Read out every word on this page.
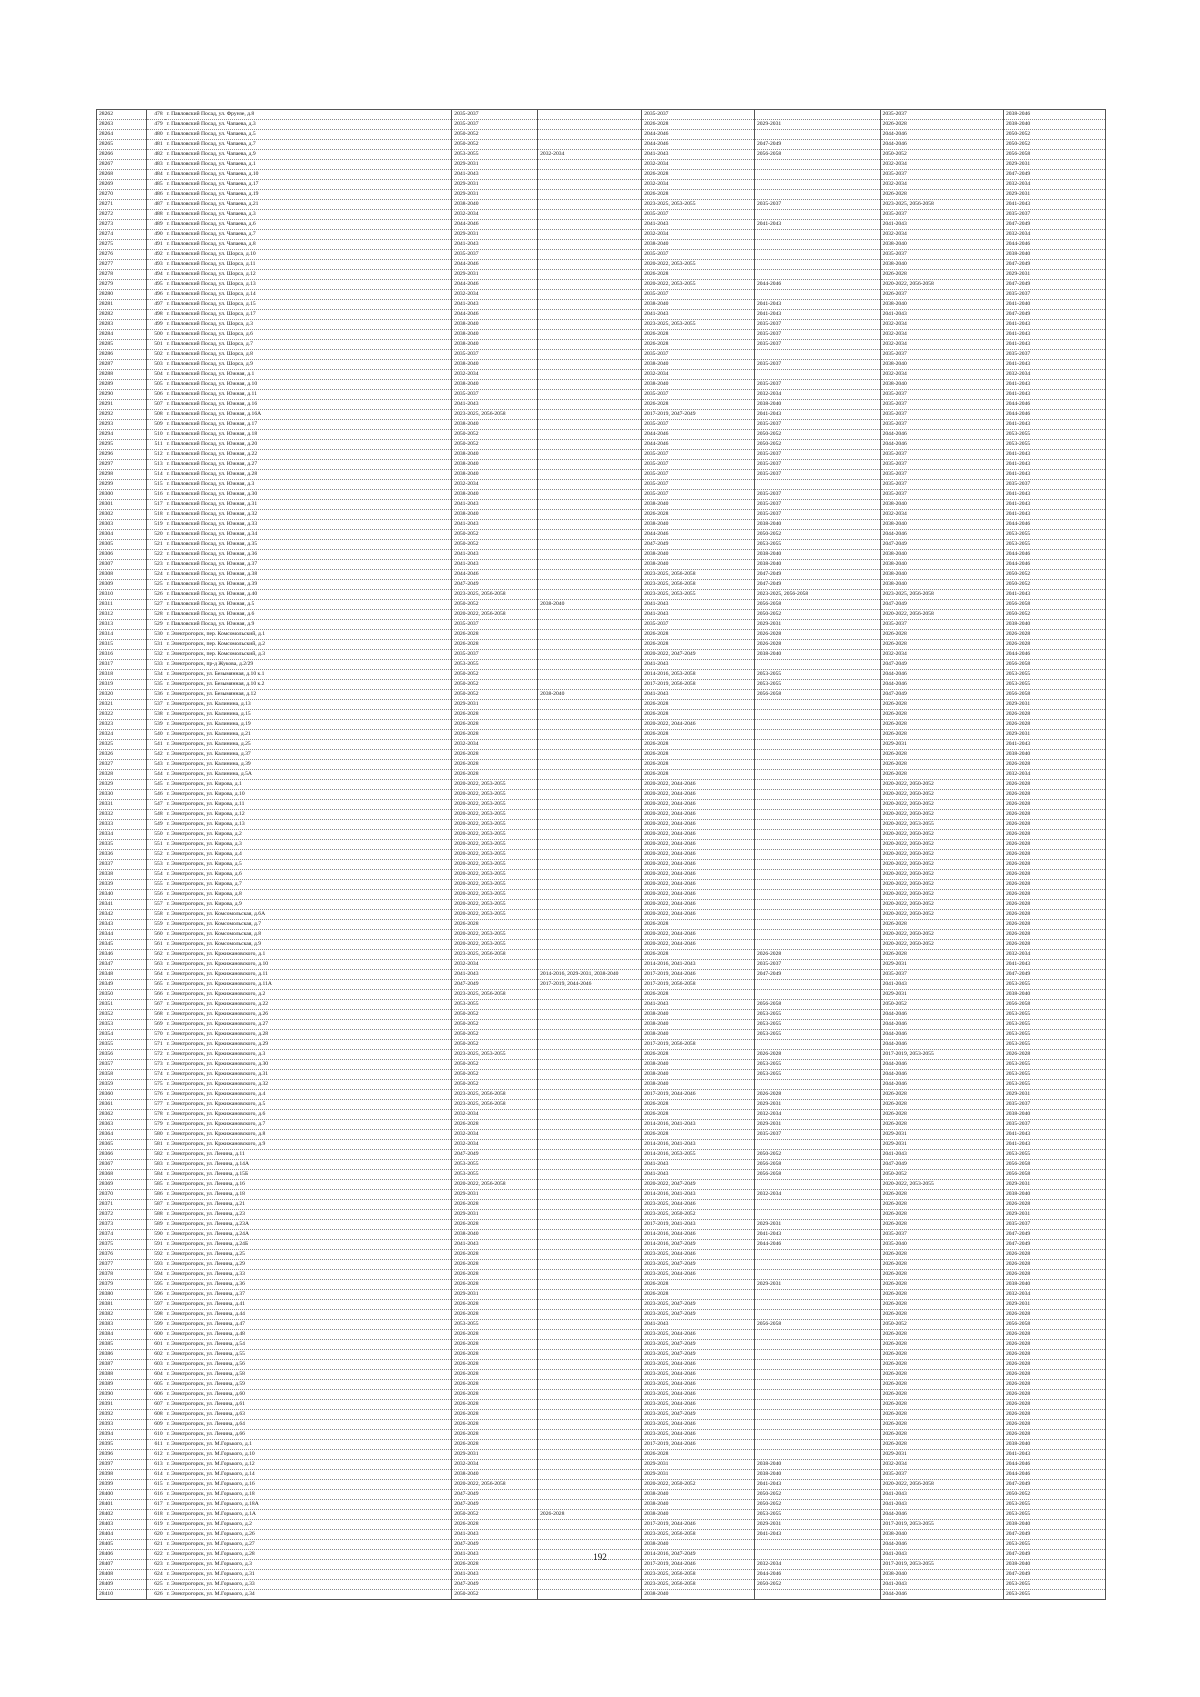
28262	478	г. Павловский Посад, ул. Фрунзе, д.8	2035-2037		2035-2037		2035-2037	2038-2046
28263	479	г. Павловский Посад, ул. Чапаева, д.3	2035-2037		2026-2028	2029-2031	2026-2028	2038-2040
28264	480	г. Павловский Посад, ул. Чапаева, д.5	2050-2052		2044-2046		2044-2046	2050-2052
28265	481	г. Павловский Посад, ул. Чапаева, д.7	2050-2052		2044-2046	2047-2049	2044-2046	2050-2052
28266	482	г. Павловский Посад, ул. Чапаева, д.9	2053-2055	2032-2034	2041-2043	2056-2058	2050-2052	2056-2058
28267	483	г. Павловский Посад, ул. Чапаева, д.1	2029-2031		2032-2034		2032-2034	2029-2031
28268	484	г. Павловский Посад, ул. Чапаева, д.10	2041-2043		2026-2028		2035-2037	2047-2049
28269	485	г. Павловский Посад, ул. Чапаева, д.17	2029-2031		2032-2034		2032-2034	2032-2034
28270	486	г. Павловский Посад, ул. Чапаева, д.19	2029-2031		2026-2028		2026-2028	2029-2031
28271	487	г. Павловский Посад, ул. Чапаева, д.21	2038-2040		2023-2025, 2053-2055	2035-2037	2023-2025, 2056-2058	2041-2043
28272	488	г. Павловский Посад, ул. Чапаева, д.3	2032-2034		2035-2037		2035-2037	2035-2037
28273	489	г. Павловский Посад, ул. Чапаева, д.6	2044-2046		2041-2043	2041-2043	2041-2043	2047-2049
28274	490	г. Павловский Посад, ул. Чапаева, д.7	2029-2031		2032-2034		2032-2034	2032-2034
28275	491	г. Павловский Посад, ул. Чапаева, д.8	2041-2043		2038-2040		2038-2040	2044-2046
28276	492	г. Павловский Посад, ул. Шорса, д.10	2035-2037		2035-2037		2035-2037	2038-2040
28277	493	г. Павловский Посад, ул. Шорса, д.11	2044-2046		2020-2022, 2053-2055		2038-2040	2047-2049
28278	494	г. Павловский Посад, ул. Шорса, д.12	2029-2031		2026-2028		2026-2028	2029-2031
28279	495	г. Павловский Посад, ул. Шорса, д.13	2044-2046		2020-2022, 2053-2055	2044-2046	2020-2022, 2056-2058	2047-2049
28280	496	г. Павловский Посад, ул. Шорса, д.14	2032-2034		2035-2037		2026-2037	2035-2037
28281	497	г. Павловский Посад, ул. Шорса, д.15	2041-2043		2038-2040	2041-2043	2038-2040	2041-2040
28282	498	г. Павловский Посад, ул. Шорса, д.17	2044-2046		2041-2043	2041-2043	2041-2043	2047-2049
28283	499	г. Павловский Посад, ул. Шорса, д.3	2038-2040		2023-2025, 2053-2055	2035-2037	2032-2034	2041-2043
28284	500	г. Павловский Посад, ул. Шорса, д.6	2038-2040		2026-2028	2035-2037	2032-2034	2041-2043
28285	501	г. Павловский Посад, ул. Шорса, д.7	2038-2040		2026-2028	2035-2037	2032-2034	2041-2043
28286	502	г. Павловский Посад, ул. Шорса, д.8	2035-2037		2035-2037		2035-2037	2035-2037
28287	503	г. Павловский Посад, ул. Шорса, д.9	2038-2040		2038-2040	2035-2037	2038-2040	2041-2043
28288	504	г. Павловский Посад, ул. Южная, д.1	2032-2034		2032-2034		2032-2034	2032-2034
28289	505	г. Павловский Посад, ул. Южная, д.10	2038-2040		2038-2040	2035-2037	2038-2040	2041-2043
28290	506	г. Павловский Посад, ул. Южная, д.11	2035-2037		2035-2037	2032-2034	2035-2037	2041-2043
28291	507	г. Павловский Посад, ул. Южная, д.16	2041-2043		2026-2028	2038-2040	2035-2037	2044-2046
28292	508	г. Павловский Посад, ул. Южная, д.16А	2023-2025, 2056-2058		2017-2019, 2047-2049	2041-2043	2035-2037	2044-2046
28293	509	г. Павловский Посад, ул. Южная, д.17	2038-2040		2035-2037	2035-2037	2035-2037	2041-2043
28294	510	г. Павловский Посад, ул. Южная, д.18	2050-2052		2044-2046	2050-2052	2044-2046	2053-2055
28295	511	г. Павловский Посад, ул. Южная, д.20	2050-2052		2044-2046	2050-2052	2044-2046	2053-2055
28296	512	г. Павловский Посад, ул. Южная, д.22	2038-2040		2035-2037	2035-2037	2035-2037	2041-2043
28297	513	г. Павловский Посад, ул. Южная, д.27	2038-2040		2035-2037	2035-2037	2035-2037	2041-2043
28298	514	г. Павловский Посад, ул. Южная, д.28	2038-2040		2035-2037	2035-2037	2035-2037	2041-2043
28299	515	г. Павловский Посад, ул. Южная, д.3	2032-2034		2035-2037		2035-2037	2035-2037
28300	516	г. Павловский Посад, ул. Южная, д.30	2038-2040		2035-2037	2035-2037	2035-2037	2041-2043
28301	517	г. Павловский Посад, ул. Южная, д.31	2041-2043		2038-2040	2035-2037	2038-2040	2041-2043
28302	518	г. Павловский Посад, ул. Южная, д.32	2038-2040		2026-2028	2035-2037	2032-2034	2041-2043
28303	519	г. Павловский Посад, ул. Южная, д.33	2041-2043		2038-2040	2038-2040	2038-2040	2044-2046
28304	520	г. Павловский Посад, ул. Южная, д.34	2050-2052		2044-2046	2050-2052	2044-2046	2053-2055
28305	521	г. Павловский Посад, ул. Южная, д.35	2050-2052		2047-2049	2053-2055	2047-2049	2053-2055
28306	522	г. Павловский Посад, ул. Южная, д.36	2041-2043		2038-2040	2038-2040	2038-2040	2044-2046
28307	523	г. Павловский Посад, ул. Южная, д.37	2041-2043		2038-2040	2038-2040	2038-2040	2044-2046
28308	524	г. Павловский Посад, ул. Южная, д.38	2044-2046		2023-2025, 2056-2058	2047-2049	2038-2040	2050-2052
28309	525	г. Павловский Посад, ул. Южная, д.39	2047-2049		2023-2025, 2056-2058	2047-2049	2038-2040	2050-2052
28310	526	г. Павловский Посад, ул. Южная, д.40	2023-2025, 2056-2058		2023-2025, 2053-2055	2023-2025, 2056-2058	2023-2025, 2056-2058	2041-2043
28311	527	г. Павловский Посад, ул. Южная, д.5	2050-2052	2038-2040	2041-2043	2056-2058	2047-2049	2056-2058
28312	528	г. Павловский Посад, ул. Южная, д.6	2020-2022, 2056-2058		2041-2043	2050-2052	2020-2022, 2056-2058	2050-2052
28313	529	г. Павловский Посад, ул. Южная, д.9	2035-2037		2035-2037	2029-2031	2035-2037	2038-2040
28314	530	г. Электрогорск, пер. Комсомольский, д.1	2026-2028		2026-2028	2026-2028	2026-2028	2026-2028
28315	531	г. Электрогорск, пер. Комсомольский, д.2	2026-2028		2026-2028	2026-2028	2026-2028	2026-2028
28316	532	г. Электрогорск, пер. Комсомольский, д.3	2035-2037		2020-2022, 2047-2049	2038-2040	2032-2034	2044-2046
28317	533	г. Электрогорск, пр-д Жукова, д.2/29	2053-2055		2041-2043		2047-2049	2056-2058
28318	534	г. Электрогорск, ул. Безымянная, д.10 к.1	2050-2052		2014-2016, 2053-2058	2053-2055	2044-2046	2053-2055
28319	535	г. Электрогорск, ул. Безымянная, д.10 к.2	2050-2052		2017-2019, 2056-2058	2053-2055	2044-2046	2053-2055
28320	536	г. Электрогорск, ул. Безымянная, д.12	2050-2052	2038-2040	2041-2043	2056-2058	2047-2049	2056-2058
28321	537	г. Электрогорск, ул. Калинина, д.13	2029-2031		2026-2028		2026-2028	2029-2031
28322	538	г. Электрогорск, ул. Калинина, д.15	2026-2028		2026-2028		2026-2028	2026-2028
28323	539	г. Электрогорск, ул. Калинина, д.19	2026-2028		2020-2022, 2044-2046		2026-2028	2026-2028
28324	540	г. Электрогорск, ул. Калинина, д.21	2026-2028		2026-2028		2026-2028	2029-2031
28325	541	г. Электрогорск, ул. Калинина, д.25	2032-2034		2026-2028		2029-2031	2041-2043
28326	542	г. Электрогорск, ул. Калинина, д.37	2026-2028		2026-2028		2026-2028	2038-2040
28327	543	г. Электрогорск, ул. Калинина, д.39	2026-2028		2026-2028		2026-2028	2026-2028
28328	544	г. Электрогорск, ул. Калинина, д.5А	2026-2028		2026-2028		2026-2028	2032-2034
28329	545	г. Электрогорск, ул. Кирова, д.1	2020-2022, 2053-2055		2020-2022, 2044-2046		2020-2022, 2050-2052	2026-2028
28330	546	г. Электрогорск, ул. Кирова, д.10	2020-2022, 2053-2055		2020-2022, 2044-2046		2020-2022, 2050-2052	2026-2028
28331	547	г. Электрогорск, ул. Кирова, д.11	2020-2022, 2053-2055		2020-2022, 2044-2046		2020-2022, 2050-2052	2026-2028
28332	548	г. Электрогорск, ул. Кирова, д.12	2020-2022, 2053-2055		2020-2022, 2044-2046		2020-2022, 2050-2052	2026-2028
28333	549	г. Электрогорск, ул. Кирова, д.13	2020-2022, 2053-2055		2020-2022, 2044-2046		2020-2022, 2053-2055	2026-2028
28334	550	г. Электрогорск, ул. Кирова, д.2	2020-2022, 2053-2055		2020-2022, 2044-2046		2020-2022, 2050-2052	2026-2028
28335	551	г. Электрогорск, ул. Кирова, д.3	2020-2022, 2053-2055		2020-2022, 2044-2046		2020-2022, 2050-2052	2026-2028
28336	552	г. Электрогорск, ул. Кирова, д.4	2020-2022, 2053-2055		2020-2022, 2044-2046		2020-2022, 2050-2052	2026-2028
28337	553	г. Электрогорск, ул. Кирова, д.5	2020-2022, 2053-2055		2020-2022, 2044-2046		2020-2022, 2050-2052	2026-2028
28338	554	г. Электрогорск, ул. Кирова, д.6	2020-2022, 2053-2055		2020-2022, 2044-2046		2020-2022, 2050-2052	2026-2028
28339	555	г. Электрогорск, ул. Кирова, д.7	2020-2022, 2053-2055		2020-2022, 2044-2046		2020-2022, 2050-2052	2026-2028
28340	556	г. Электрогорск, ул. Кирова, д.8	2020-2022, 2053-2055		2020-2022, 2044-2046		2020-2022, 2050-2052	2026-2028
28341	557	г. Электрогорск, ул. Кирова, д.9	2020-2022, 2053-2055		2020-2022, 2044-2046		2020-2022, 2050-2052	2026-2028
28342	558	г. Электрогорск, ул. Комсомольская, д.6А	2020-2022, 2053-2055		2020-2022, 2044-2046		2020-2022, 2050-2052	2026-2028
28343	559	г. Электрогорск, ул. Комсомольская, д.7	2026-2028		2026-2028		2026-2028	2026-2028
28344	560	г. Электрогорск, ул. Комсомольская, д.8	2020-2022, 2053-2055		2020-2022, 2044-2046		2020-2022, 2050-2052	2026-2028
28345	561	г. Электрогорск, ул. Комсомольская, д.9	2020-2022, 2053-2055		2020-2022, 2044-2046		2020-2022, 2050-2052	2026-2028
28346	562	г. Электрогорск, ул. Кржижановского, д.1	2023-2025, 2056-2058		2026-2028	2026-2028	2026-2028	2032-2034
28347	563	г. Электрогорск, ул. Кржижановского, д.10	2032-2034		2014-2016, 2041-2043	2035-2037	2029-2031	2041-2043
28348	564	г. Электрогорск, ул. Кржижановского, д.11	2041-2043	2014-2016, 2029-2031, 2038-2040	2017-2019, 2044-2046	2047-2049	2035-2037	2047-2049
28349	565	г. Электрогорск, ул. Кржижановского, д.11А	2047-2049	2017-2019, 2044-2046	2017-2019, 2056-2058		2041-2043	2053-2055
28350	566	г. Электрогорск, ул. Кржижановского, д.2	2023-2025, 2056-2058		2026-2028		2029-2031	2038-2040
28351	567	г. Электрогорск, ул. Кржижановского, д.22	2053-2055		2041-2043	2056-2058	2050-2052	2056-2058
28352	568	г. Электрогорск, ул. Кржижановского, д.26	2050-2052		2038-2040	2053-2055	2044-2046	2053-2055
28353	569	г. Электрогорск, ул. Кржижановского, д.27	2050-2052		2038-2040	2053-2055	2044-2046	2053-2055
28354	570	г. Электрогорск, ул. Кржижановского, д.28	2050-2052		2038-2040	2053-2055	2044-2046	2053-2055
28355	571	г. Электрогорск, ул. Кржижановского, д.29	2050-2052		2017-2019, 2056-2058		2044-2046	2053-2055
28356	572	г. Электрогорск, ул. Кржижановского, д.3	2023-2025, 2053-2055		2026-2028	2026-2028	2017-2019, 2053-2055	2026-2028
28357	573	г. Электрогорск, ул. Кржижановского, д.30	2050-2052		2038-2040	2053-2055	2044-2046	2053-2055
28358	574	г. Электрогорск, ул. Кржижановского, д.31	2050-2052		2038-2040	2053-2055	2044-2046	2053-2055
28359	575	г. Электрогорск, ул. Кржижановского, д.32	2050-2052		2038-2040		2044-2046	2053-2055
28360	576	г. Электрогорск, ул. Кржижановского, д.4	2023-2025, 2056-2058		2017-2019, 2044-2046	2026-2028	2026-2028	2029-2031
28361	577	г. Электрогорск, ул. Кржижановского, д.5	2023-2025, 2056-2058		2026-2028	2029-2031	2026-2028	2035-2037
28362	578	г. Электрогорск, ул. Кржижановского, д.6	2032-2034		2026-2028	2032-2034	2026-2028	2038-2040
28363	579	г. Электрогорск, ул. Кржижановского, д.7	2026-2028		2014-2016, 2041-2043	2029-2031	2026-2028	2035-2037
28364	580	г. Электрогорск, ул. Кржижановского, д.8	2032-2034		2026-2028	2035-2037	2029-2031	2041-2043
28365	581	г. Электрогорск, ул. Кржижановского, д.9	2032-2034		2014-2016, 2041-2043		2029-2031	2041-2043
28366	582	г. Электрогорск, ул. Ленина, д.11	2047-2049		2014-2016, 2053-2055	2050-2052	2041-2043	2053-2055
28367	583	г. Электрогорск, ул. Ленина, д.14А	2053-2055		2041-2043	2056-2058	2047-2049	2056-2058
28368	584	г. Электрогорск, ул. Ленина, д.15Б	2053-2055		2041-2043	2056-2058	2050-2052	2056-2058
28369	585	г. Электрогорск, ул. Ленина, д.16	2020-2022, 2056-2058		2020-2022, 2047-2049		2020-2022, 2053-2055	2029-2031
28370	586	г. Электрогорск, ул. Ленина, д.18	2029-2031		2014-2016, 2041-2043	2032-2034	2026-2028	2038-2040
28371	587	г. Электрогорск, ул. Ленина, д.21	2026-2028		2023-2025, 2044-2046		2026-2028	2026-2028
28372	588	г. Электрогорск, ул. Ленина, д.23	2029-2031		2023-2025, 2050-2052		2026-2028	2029-2031
28373	589	г. Электрогорск, ул. Ленина, д.23А	2026-2028		2017-2019, 2041-2043	2029-2031	2026-2028	2035-2037
28374	590	г. Электрогорск, ул. Ленина, д.24А	2038-2040		2014-2016, 2044-2046	2041-2043	2035-2037	2047-2049
28375	591	г. Электрогорск, ул. Ленина, д.24Б	2041-2043		2014-2016, 2047-2049	2044-2046	2035-2040	2047-2049
28376	592	г. Электрогорск, ул. Ленина, д.25	2026-2028		2023-2025, 2044-2046		2026-2028	2026-2028
28377	593	г. Электрогорск, ул. Ленина, д.29	2026-2028		2023-2025, 2047-2049		2026-2028	2026-2028
28378	594	г. Электрогорск, ул. Ленина, д.33	2026-2028		2023-2025, 2044-2046		2026-2028	2026-2028
28379	595	г. Электрогорск, ул. Ленина, д.36	2026-2028		2026-2028	2029-2031	2026-2028	2038-2040
28380	596	г. Электрогорск, ул. Ленина, д.37	2029-2031		2026-2028		2026-2028	2032-2034
28381	597	г. Электрогорск, ул. Ленина, д.41	2026-2028		2023-2025, 2047-2049		2026-2028	2029-2031
28382	598	г. Электрогорск, ул. Ленина, д.44	2026-2028		2023-2025, 2047-2049		2026-2028	2026-2028
28383	599	г. Электрогорск, ул. Ленина, д.47	2053-2055		2041-2043	2056-2058	2050-2052	2056-2058
28384	600	г. Электрогорск, ул. Ленина, д.48	2026-2028		2023-2025, 2044-2046		2026-2028	2026-2028
28385	601	г. Электрогорск, ул. Ленина, д.54	2026-2028		2023-2025, 2047-2049		2026-2028	2026-2028
28386	602	г. Электрогорск, ул. Ленина, д.55	2026-2028		2023-2025, 2047-2049		2026-2028	2026-2028
28387	603	г. Электрогорск, ул. Ленина, д.56	2026-2028		2023-2025, 2044-2046		2026-2028	2026-2028
28388	604	г. Электрогорск, ул. Ленина, д.58	2026-2028		2023-2025, 2044-2046		2026-2028	2026-2028
28389	605	г. Электрогорск, ул. Ленина, д.59	2026-2028		2023-2025, 2044-2046		2026-2028	2026-2028
28390	606	г. Электрогорск, ул. Ленина, д.60	2026-2028		2023-2025, 2044-2046		2026-2028	2026-2028
28391	607	г. Электрогорск, ул. Ленина, д.61	2026-2028		2023-2025, 2044-2046		2026-2028	2026-2028
28392	608	г. Электрогорск, ул. Ленина, д.63	2026-2028		2023-2025, 2047-2049		2026-2028	2026-2028
28393	609	г. Электрогорск, ул. Ленина, д.64	2026-2028		2023-2025, 2044-2046		2026-2028	2026-2028
28394	610	г. Электрогорск, ул. Ленина, д.66	2026-2028		2023-2025, 2044-2046		2026-2028	2026-2028
28395	611	г. Электрогорск, ул. М.Горького, д.1	2026-2028		2017-2019, 2044-2046		2026-2028	2038-2040
28396	612	г. Электрогорск, ул. М.Горького, д.10	2029-2031		2026-2028		2029-2031	2041-2043
28397	613	г. Электрогорск, ул. М.Горького, д.12	2032-2034		2029-2031	2038-2040	2032-2034	2044-2046
28398	614	г. Электрогорск, ул. М.Горького, д.14	2038-2040		2029-2031	2038-2040	2035-2037	2044-2046
28399	615	г. Электрогорск, ул. М.Горького, д.16	2020-2022, 2056-2058		2020-2022, 2050-2052	2041-2043	2020-2022, 2056-2058	2047-2049
28400	616	г. Электрогорск, ул. М.Горького, д.18	2047-2049		2038-2040	2050-2052	2041-2043	2050-2052
28401	617	г. Электрогорск, ул. М.Горького, д.18А	2047-2049		2038-2040	2050-2052	2041-2043	2053-2055
28402	618	г. Электрогорск, ул. М.Горького, д.1А	2050-2052	2026-2028	2038-2040	2053-2055	2044-2046	2053-2055
28403	619	г. Электрогорск, ул. М.Горького, д.2	2026-2028		2017-2019, 2044-2046	2029-2031	2017-2019, 2053-2055	2038-2040
28404	620	г. Электрогорск, ул. М.Горького, д.26	2041-2043		2023-2025, 2056-2058	2041-2043	2038-2040	2047-2049
28405	621	г. Электрогорск, ул. М.Горького, д.27	2047-2049		2038-2040		2044-2046	2053-2055
28406	622	г. Электрогорск, ул. М.Горького, д.28	2041-2043		2014-2016, 2047-2049		2041-2043	2047-2049
28407	623	г. Электрогорск, ул. М.Горького, д.3	2026-2028		2017-2019, 2044-2046	2032-2034	2017-2019, 2053-2055	2038-2040
28408	624	г. Электрогорск, ул. М.Горького, д.31	2041-2043		2023-2025, 2056-2058	2044-2046	2038-2040	2047-2049
28409	625	г. Электрогорск, ул. М.Горького, д.33	2047-2049		2023-2025, 2056-2058	2050-2052	2041-2043	2053-2055
28410	626	г. Электрогорск, ул. М.Горького, д.34	2050-2052		2038-2040		2044-2046	2053-2055
192
